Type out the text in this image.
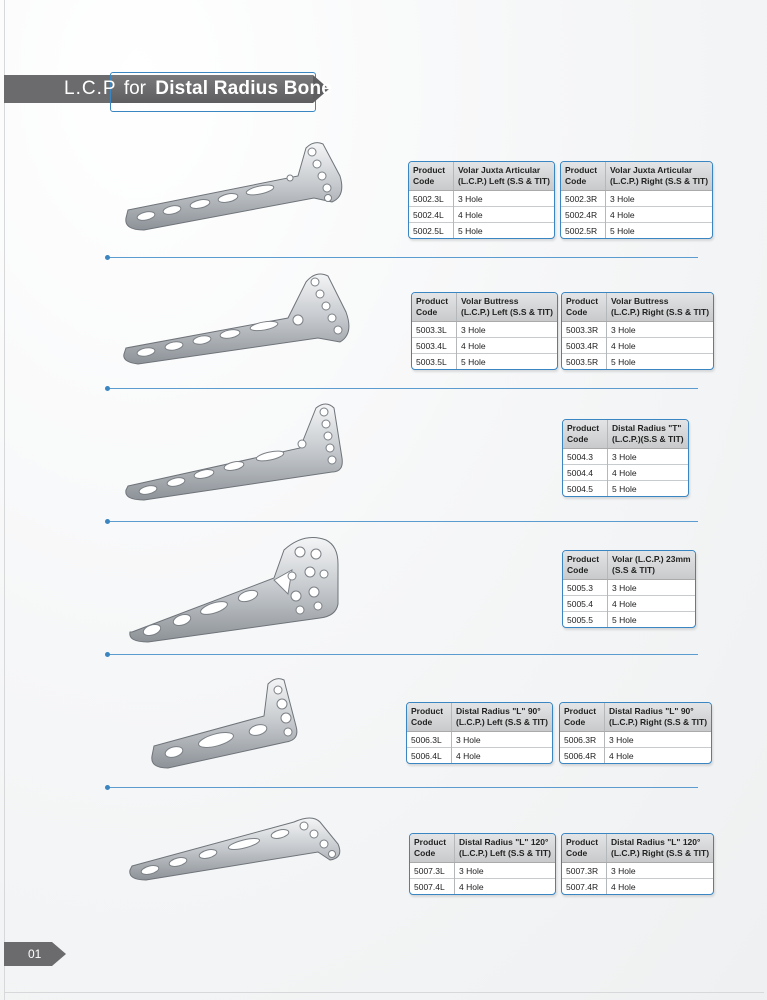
L.C.P for Distal Radius Bone
Product
Code	Volar Juxta Articular
(L.C.P.) Left (S.S & TIT)
5002.3L	3 Hole
5002.4L	4 Hole
5002.5L	5 Hole
Product
Code	Volar Juxta Articular
(L.C.P.) Right (S.S & TIT)
5002.3R	3 Hole
5002.4R	4 Hole
5002.5R	5 Hole
Product
Code	Volar Buttress
(L.C.P.) Left (S.S & TIT)
5003.3L	3 Hole
5003.4L	4 Hole
5003.5L	5 Hole
Product
Code	Volar Buttress
(L.C.P.) Right (S.S & TIT)
5003.3R	3 Hole
5003.4R	4 Hole
5003.5R	5 Hole
Product
Code	Distal Radius "T"
(L.C.P.)(S.S & TIT)
5004.3	3 Hole
5004.4	4 Hole
5004.5	5 Hole
Product
Code	Volar (L.C.P.) 23mm
(S.S & TIT)
5005.3	3 Hole
5005.4	4 Hole
5005.5	5 Hole
Product
Code	Distal Radius "L" 90°
(L.C.P.) Left (S.S & TIT)
5006.3L	3 Hole
5006.4L	4 Hole
Product
Code	Distal Radius "L" 90°
(L.C.P.) Right (S.S & TIT)
5006.3R	3 Hole
5006.4R	4 Hole
Product
Code	Distal Radius "L" 120°
(L.C.P.) Left (S.S & TIT)
5007.3L	3 Hole
5007.4L	4 Hole
Product
Code	Distal Radius "L" 120°
(L.C.P.) Right (S.S & TIT)
5007.3R	3 Hole
5007.4R	4 Hole
01
